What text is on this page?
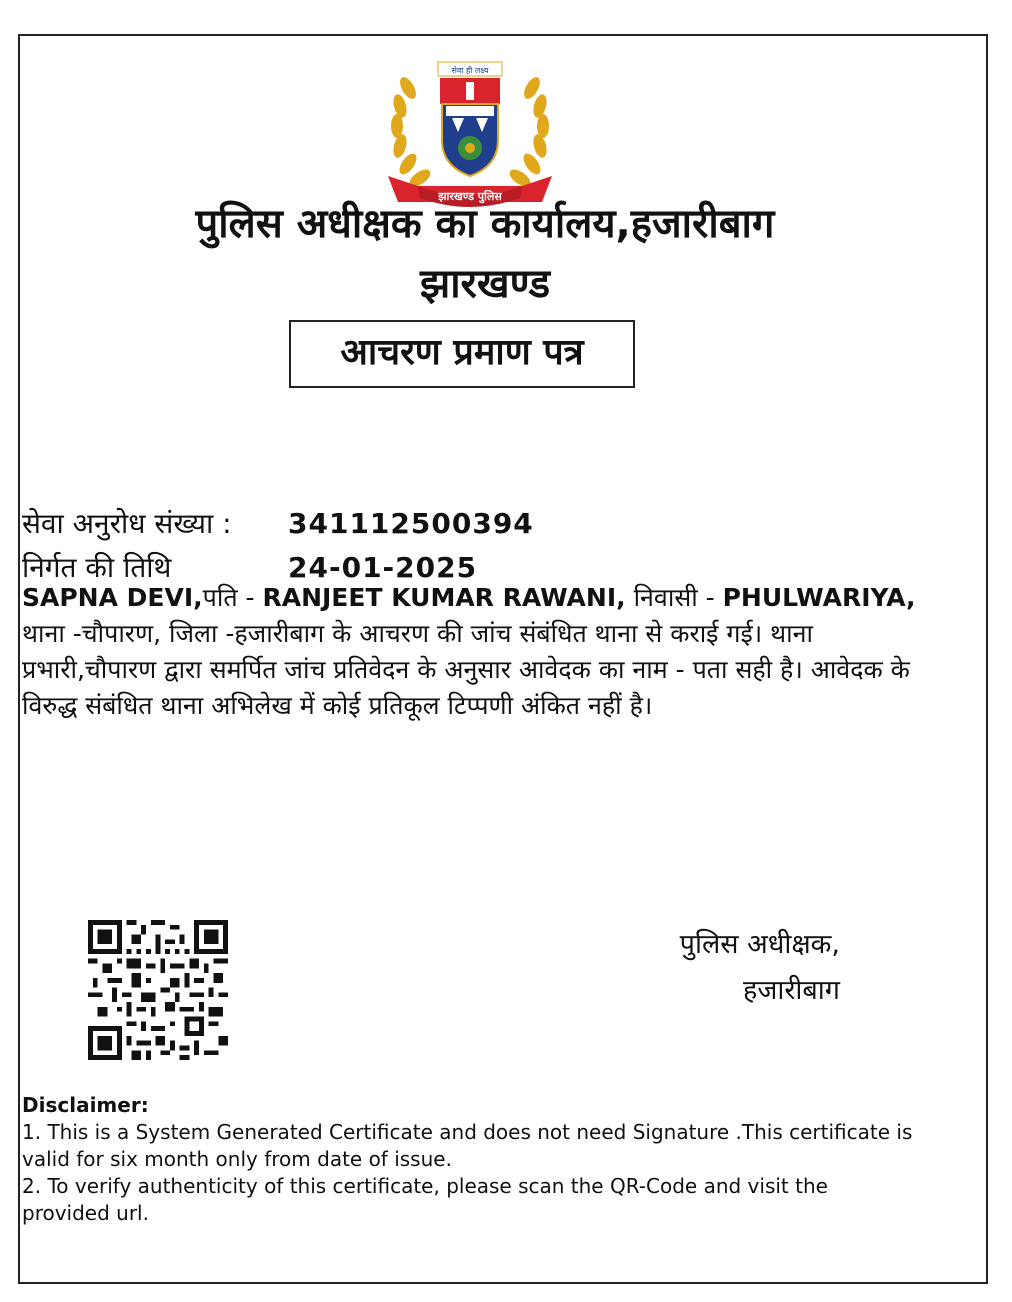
सेवा ही लक्ष्य
झारखण्ड पुलिस
पुलिस अधीक्षक का कार्यालय,हजारीबाग
झारखण्ड
आचरण प्रमाण पत्र
सेवा अनुरोध संख्या : 341112500394
निर्गत की तिथि	24-01-2025
SAPNA DEVI,पति - RANJEET KUMAR RAWANI, निवासी - PHULWARIYA, थाना -चौपारण, जिला -हजारीबाग के आचरण की जांच संबंधित थाना से कराई गई। थाना प्रभारी,चौपारण द्वारा समर्पित जांच प्रतिवेदन के अनुसार आवेदक का नाम - पता सही है। आवेदक के विरुद्ध संबंधित थाना अभिलेख में कोई प्रतिकूल टिप्पणी अंकित नहीं है।
पुलिस अधीक्षक,
हजारीबाग
Disclaimer:
1. This is a System Generated Certificate and does not need Signature .This certificate is valid for six month only from date of issue.
2. To verify authenticity of this certificate, please scan the QR-Code and visit the provided url.
